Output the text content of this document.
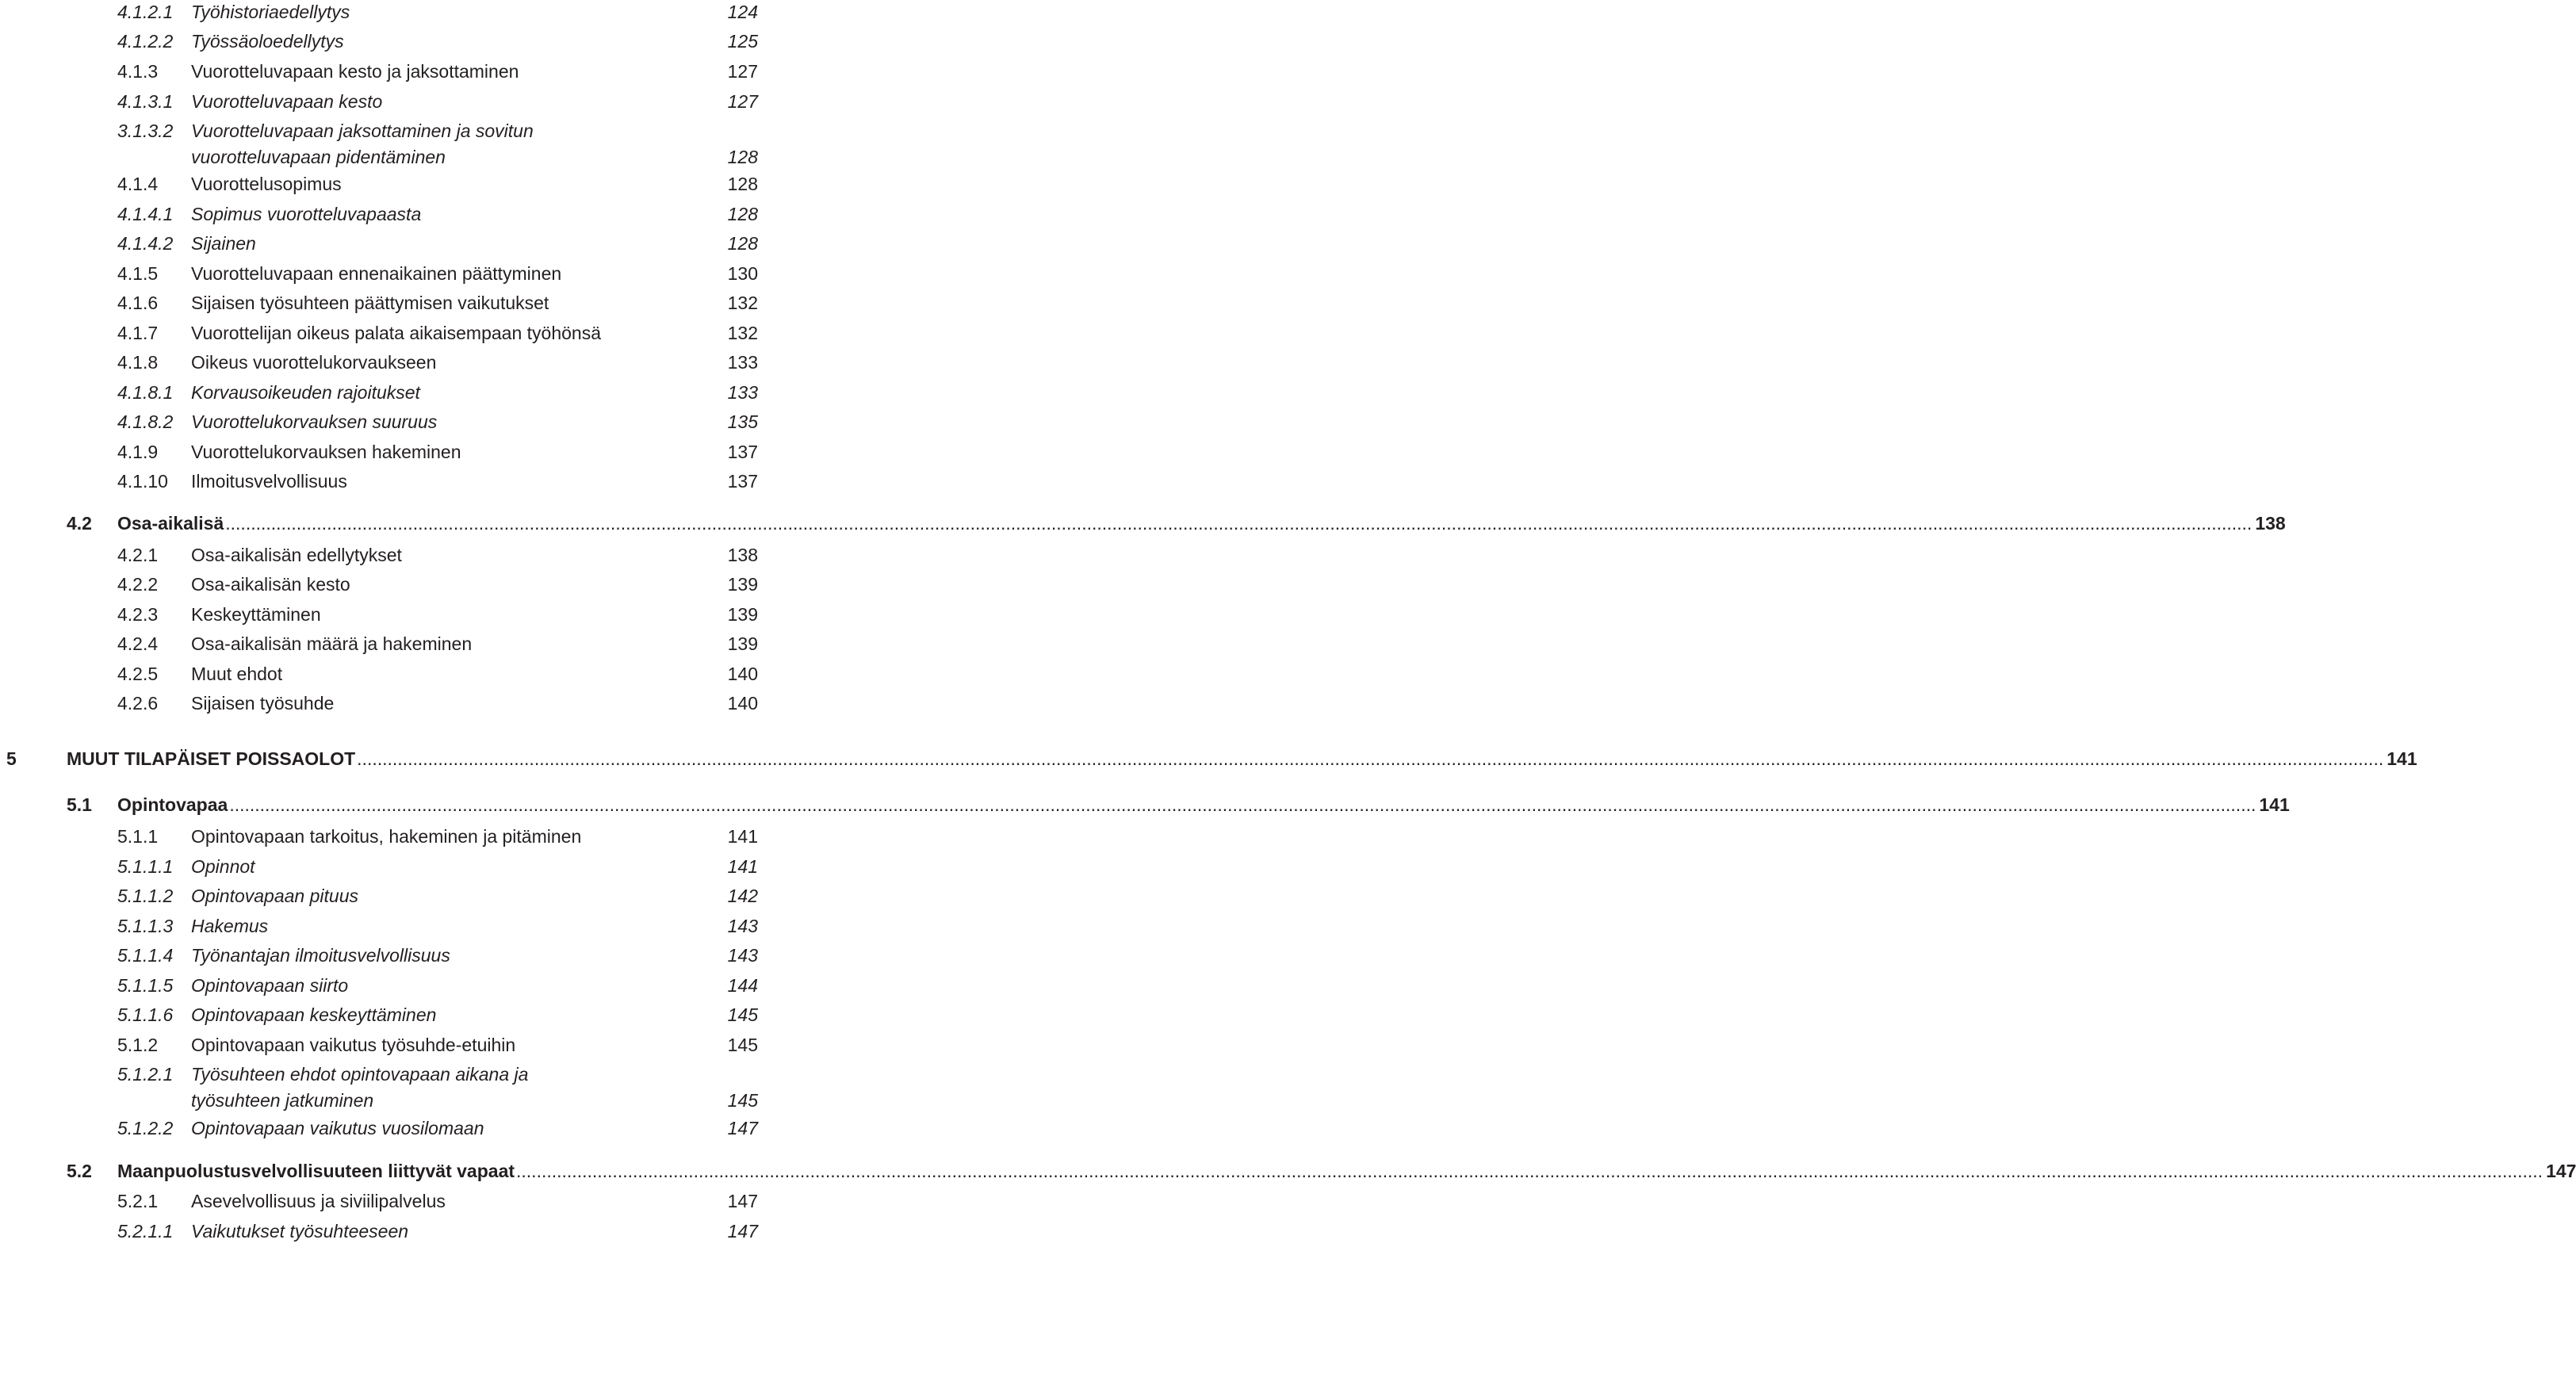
4.1.2.1 Työhistoriaedellytys	124
4.1.2.2 Työssäoloedellytys	125
4.1.3 Vuorotteluvapaan kesto ja jaksottaminen	127
4.1.3.1 Vuorotteluvapaan kesto	127
3.1.3.2 Vuorotteluvapaan jaksottaminen ja sovitun
vuorotteluvapaan pidentäminen	128
4.1.4 Vuorottelusopimus	128
4.1.4.1 Sopimus vuorotteluvapaasta	128
4.1.4.2 Sijainen	128
4.1.5 Vuorotteluvapaan ennenaikainen päättyminen	130
4.1.6 Sijaisen työsuhteen päättymisen vaikutukset	132
4.1.7 Vuorottelijan oikeus palata aikaisempaan työhönsä	132
4.1.8 Oikeus vuorottelukorvaukseen	133
4.1.8.1 Korvausoikeuden rajoitukset	133
4.1.8.2 Vuorottelukorvauksen suuruus	135
4.1.9 Vuorottelukorvauksen hakeminen	137
4.1.10 Ilmoitusvelvollisuus	137
4.2 Osa-aikalisä ................................................................................................................................................................................................................................................................................................................................................................................................................ 138
4.2.1 Osa-aikalisän edellytykset	138
4.2.2 Osa-aikalisän kesto	139
4.2.3 Keskeyttäminen	139
4.2.4 Osa-aikalisän määrä ja hakeminen	139
4.2.5 Muut ehdot	140
4.2.6 Sijaisen työsuhde	140
5	MUUT TILAPÄISET POISSAOLOT ................................................................................................................................................................................................................................................................................................................................................................................................................ 141
5.1 Opintovapaa ................................................................................................................................................................................................................................................................................................................................................................................................................ 141
5.1.1 Opintovapaan tarkoitus, hakeminen ja pitäminen	141
5.1.1.1 Opinnot	141
5.1.1.2 Opintovapaan pituus	142
5.1.1.3 Hakemus	143
5.1.1.4 Työnantajan ilmoitusvelvollisuus	143
5.1.1.5 Opintovapaan siirto	144
5.1.1.6 Opintovapaan keskeyttäminen	145
5.1.2 Opintovapaan vaikutus työsuhde-etuihin	145
5.1.2.1 Työsuhteen ehdot opintovapaan aikana ja
työsuhteen jatkuminen	145
5.1.2.2 Opintovapaan vaikutus vuosilomaan	147
5.2 Maanpuolustusvelvollisuuteen liittyvät vapaat ................................................................................................................................................................................................................................................................................................................................................................................................................ 147
5.2.1 Asevelvollisuus ja siviilipalvelus	147
5.2.1.1 Vaikutukset työsuhteeseen	147
